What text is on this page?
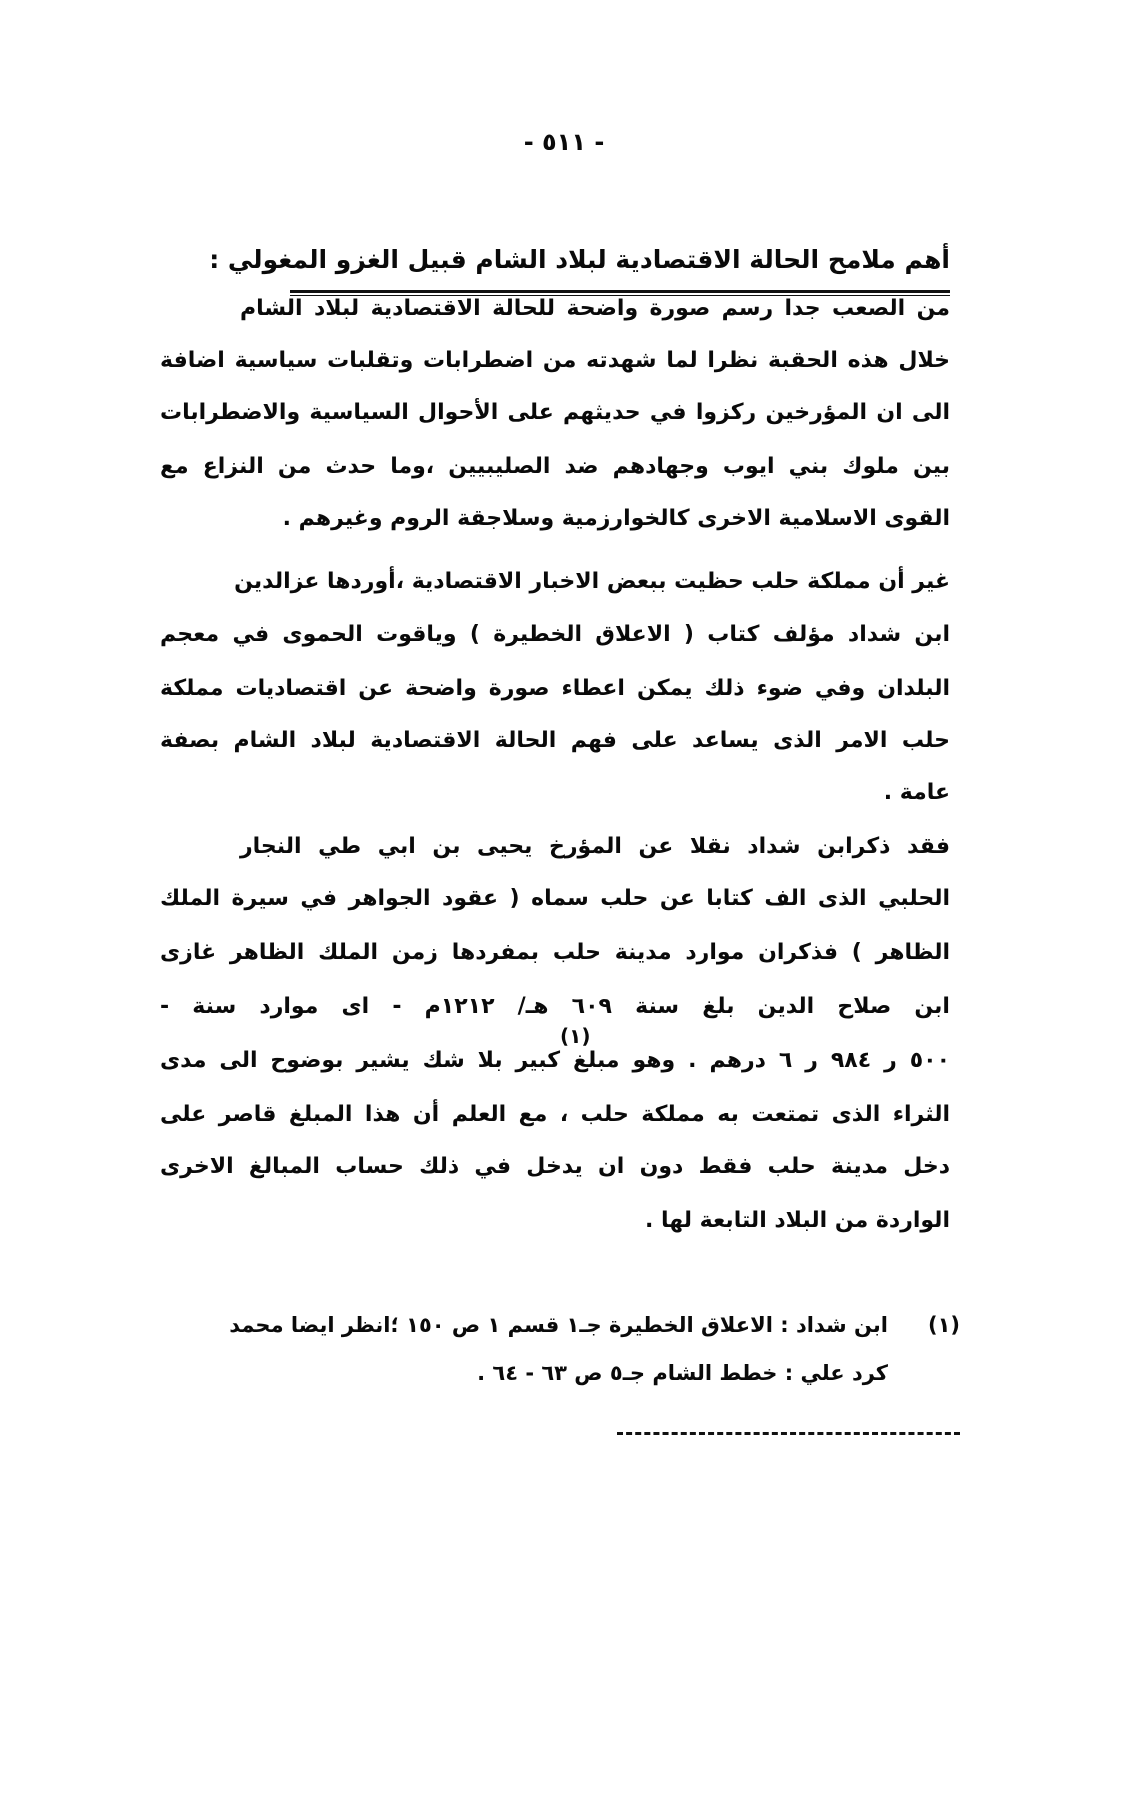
- ٥١١ -
أهم ملامح الحالة الاقتصادية لبلاد الشام قبيل الغزو المغولي :
من الصعب جدا رسم صورة واضحة للحالة الاقتصادية لبلاد الشام
خلال هذه الحقبة نظرا لما شهدته من اضطرابات وتقلبات سياسية اضافة
الى ان المؤرخين ركزوا في حديثهم على الأحوال السياسية والاضطرابات
بين ملوك بني ايوب وجهادهم ضد الصليبيين ،وما حدث من النزاع مع
القوى الاسلامية الاخرى كالخوارزمية وسلاجقة الروم وغيرهم .
غير أن مملكة حلب حظيت ببعض الاخبار الاقتصادية ،أوردها عزالدين
ابن شداد مؤلف كتاب ( الاعلاق الخطيرة ) وياقوت الحموى في معجم
البلدان وفي ضوء ذلك يمكن اعطاء صورة واضحة عن اقتصاديات مملكة
حلب الامر الذى يساعد على فهم الحالة الاقتصادية لبلاد الشام بصفة
عامة .
فقد ذكرابن شداد نقلا عن المؤرخ يحيى بن ابي طي النجار
الحلبي الذى الف كتابا عن حلب سماه ( عقود الجواهر في سيرة الملك
الظاهر ) فذكران موارد مدينة حلب بمفردها زمن الملك الظاهر غازى
ابن صلاح الدين بلغ سنة ٦٠٩ هـ/ ١٢١٢م - اى موارد سنة -
٥٠٠ ر ٩٨٤ ر ٦ درهم . وهو مبلغ كبير بلا شك يشير بوضوح الى مدى
الثراء الذى تمتعت به مملكة حلب ، مع العلم أن هذا المبلغ قاصر على
دخل مدينة حلب فقط دون ان يدخل في ذلك حساب المبالغ الاخرى
الواردة من البلاد التابعة لها .
(١)
(١)
ابن شداد : الاعلاق الخطيرة جـ١ قسم ١ ص ١٥٠ ؛انظر ايضا محمد
كرد علي : خطط الشام جـ٥ ص ٦٣ - ٦٤ .
